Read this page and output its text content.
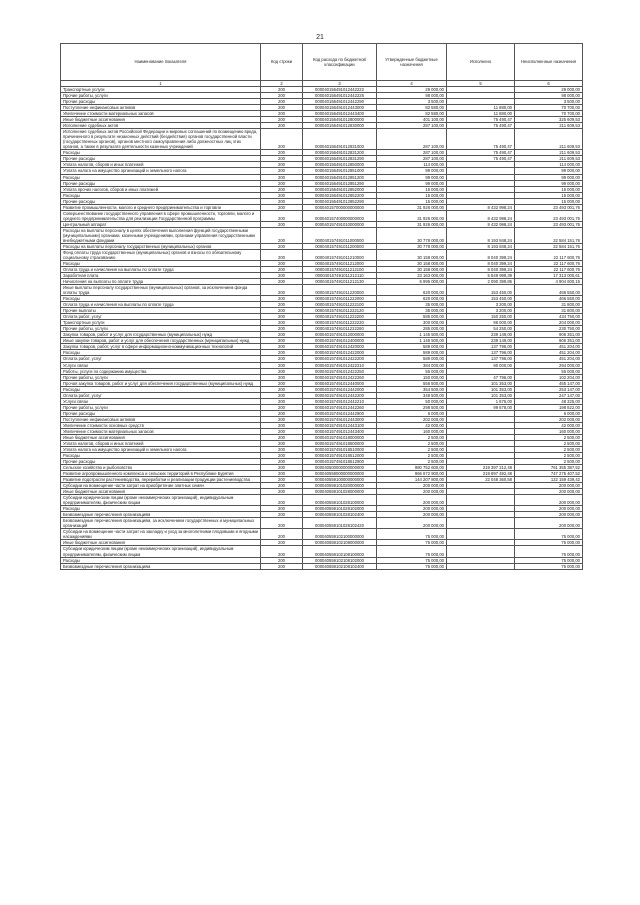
21
Наименование показателя	Код строки	Код расхода по бюджетной классификации	Утвержденные бюджетные назначения	Исполнено	Неисполненные назначения
1	2	3	4	5	6
Транспортные услуги	200	000040156491012442222	29 000,00		29 000,00
Прочие работы, услуги	200	000040156491012442226	98 000,00		98 000,00
Прочие расходы	200	000040156491012442290	3 500,00		3 500,00
Поступление нефинансовых активов	200	000040156491012443000	82 580,00	11 880,00	70 700,00
Увеличение стоимости материальных запасов	200	000040156491012443400	82 580,00	11 880,00	70 700,00
Иные бюджетные ассигнования	200	000040156491012800000	401 100,00	75 490,47	325 609,53
Исполнение судебных актов	200	000040156491012830000	287 100,00	75 490,47	211 609,53
Исполнение судебных актов Российской Федерации и мировых соглашений по возмещению вреда, причиненного в результате незаконных действий (бездействия) органов государственной власти (государственных органов), органов местного самоуправления либо должностных лиц этих органов, а также в результате деятельности казенных учреждений	200	000040156491012831000	287 100,00	75 490,47	211 609,53
Расходы	200	000040156491012831200	287 100,00	75 490,47	211 609,53
Прочие расходы	200	000040156491012831290	287 100,00	75 490,47	211 609,53
Уплата налогов, сборов и иных платежей	200	000040156491012850000	114 000,00		114 000,00
Уплата налога на имущество организаций и земельного налога	200	000040156491012851000	99 000,00		99 000,00
Расходы	200	000040156491012851200	99 000,00		99 000,00
Прочие расходы	200	000040156491012851290	99 000,00		99 000,00
Уплата прочих налогов, сборов и иных платежей	200	000040156491012852000	15 000,00		15 000,00
Расходы	200	000040156491012852200	15 000,00		15 000,00
Прочие расходы	200	000040156491012852290	15 000,00		15 000,00
Развитие промышленности, малого и среднего предпринимательства и торговли	200	000040157000000000000	31 926 000,00	8 432 998,24	23 493 001,76
Совершенствование государственного управления в сфере промышленности, торговли, малого и среднего предпринимательства для реализации Государственной программы	200	000040157400000000000	31 926 000,00	8 432 998,24	23 493 001,76
Центральный аппарат	200	000040157491010000000	31 926 000,00	8 432 998,24	23 493 001,76
Расходы на выплаты персоналу в целях обеспечения выполнения функций государственными (муниципальными) органами, казенными учреждениями, органами управления государственными внебюджетными фондами	200	000040157491011000000	30 778 000,00	8 193 848,24	22 584 151,76
Расходы на выплаты персоналу государственных (муниципальных) органов	200	000040157491011200000	30 778 000,00	8 193 848,24	22 584 151,76
Фонд оплаты труда государственных (муниципальных) органов и взносы по обязательному социальному страхованию	200	000040157491011210000	30 158 000,00	8 040 399,24	22 117 600,76
Расходы	200	000040157491011212000	30 158 000,00	8 040 399,24	22 117 600,76
Оплата труда и начисления на выплаты по оплате труда	200	000040157491011212100	30 158 000,00	8 040 399,24	22 117 600,76
Заработная плата	200	000040157491011212110	23 163 000,00	5 849 999,39	17 313 000,61
Начисления на выплаты по оплате труда	200	000040157491011212130	6 995 000,00	2 090 399,85	4 904 600,15
Иные выплаты персоналу государственных (муниципальных) органов, за исключением фонда оплаты труда	200	000040157491011220000	620 000,00	153 450,00	466 550,00
Расходы	200	000040157491011222000	620 000,00	153 450,00	466 550,00
Оплата труда и начисления на выплаты по оплате труда	200	000040157491011222100	35 000,00	3 200,00	31 800,00
Прочие выплаты	200	000040157491011222120	35 000,00	3 200,00	31 800,00
Оплата работ, услуг	200	000040157491011222200	585 000,00	150 250,00	434 750,00
Транспортные услуги	200	000040157491011222220	300 000,00	96 000,00	204 000,00
Прочие работы, услуги	200	000040157491011222260	285 000,00	54 250,00	230 750,00
Закупка товаров, работ и услуг для государственных (муниципальных) нужд	200	000040157491012000000	1 145 500,00	239 149,00	906 351,00
Иные закупки товаров, работ и услуг для обеспечения государственных (муниципальных) нужд	200	000040157491012400000	1 145 500,00	239 149,00	906 351,00
Закупка товаров, работ, услуг в сфере информационно-коммуникационных технологий	200	000040157491012420000	589 000,00	137 796,00	451 204,00
Расходы	200	000040157491012422000	589 000,00	137 796,00	451 204,00
Оплата работ, услуг	200	000040157491012422200	589 000,00	137 796,00	451 204,00
Услуги связи	200	000040157491012422210	384 000,00	90 000,00	294 000,00
Работы, услуги по содержанию имущества	200	000040157491012422250	55 000,00		55 000,00
Прочие работы, услуги	200	000040157491012422260	150 000,00	47 796,00	102 204,00
Прочая закупка товаров, работ и услуг для обеспечения государственных (муниципальных) нужд	200	000040157491012440000	556 500,00	101 353,00	455 147,00
Расходы	200	000040157491012442000	354 500,00	101 353,00	253 147,00
Оплата работ, услуг	200	000040157491012442200	348 500,00	101 353,00	247 147,00
Услуги связи	200	000040157491012442210	50 000,00	1 675,00	48 325,00
Прочие работы, услуги	200	000040157491012442260	298 500,00	99 678,00	198 822,00
Прочие расходы	200	000040157491012442900	6 000,00		6 000,00
Поступление нефинансовых активов	200	000040157491012443000	202 000,00		202 000,00
Увеличение стоимости основных средств	200	000040157491012443100	42 000,00		42 000,00
Увеличение стоимости материальных запасов	200	000040157491012443400	160 000,00		160 000,00
Иные бюджетные ассигнования	200	000040157491018000000	2 500,00		2 500,00
Уплата налогов, сборов и иных платежей	200	000040157491018500000	2 500,00		2 500,00
Уплата налога на имущество организаций и земельного налога	200	000040157491018510000	2 500,00		2 500,00
Расходы	200	000040157491018512000	2 500,00		2 500,00
Прочие расходы	200	000040157491018512900	2 500,00		2 500,00
Сельское хозяйство и рыболовство	200	000040500000000000000	980 752 600,00	219 397 212,48	761 355 387,52
Развитие агропромышленного комплекса и сельских территорий в Республике Бурятия	200	000040559000000000000	966 672 900,00	219 897 492,48	747 275 407,52
Развитие подотрасли растениеводства, переработки и реализации продукции растениеводства	200	000040559100000000000	144 207 800,00	22 048 360,58	122 159 439,42
Субсидии на возмещение части затрат на приобретение элитных семян	200	000040559101020000000	200 000,00		200 000,00
Иные бюджетные ассигнования	200	000040559101028000000	200 000,00		200 000,00
Субсидии юридическим лицам (кроме некоммерческих организаций), индивидуальным предпринимателям, физическим лицам	200	000040559101028100000	200 000,00		200 000,00
Расходы	200	000040559101028102000	200 000,00		200 000,00
Безвозмездные перечисления организациям	200	000040559101028102400	200 000,00		200 000,00
Безвозмездные перечисления организациям, за исключением государственных и муниципальных организаций	200	000040559101028102420	200 000,00		200 000,00
Субсидии на возмещение части затрат на закладку и уход за многолетними плодовыми и ягодными насаждениями	200	000040559102100000000	75 000,00		75 000,00
Иные бюджетные ассигнования	200	000040559102108000000	75 000,00		75 000,00
Субсидии юридическим лицам (кроме некоммерческих организаций), индивидуальным предпринимателям, физическим лицам	200	000040559102108100000	75 000,00		75 000,00
Расходы	200	000040559102108102000	75 000,00		75 000,00
Безвозмездные перечисления организациям	200	000040559102108102400	75 000,00		75 000,00
